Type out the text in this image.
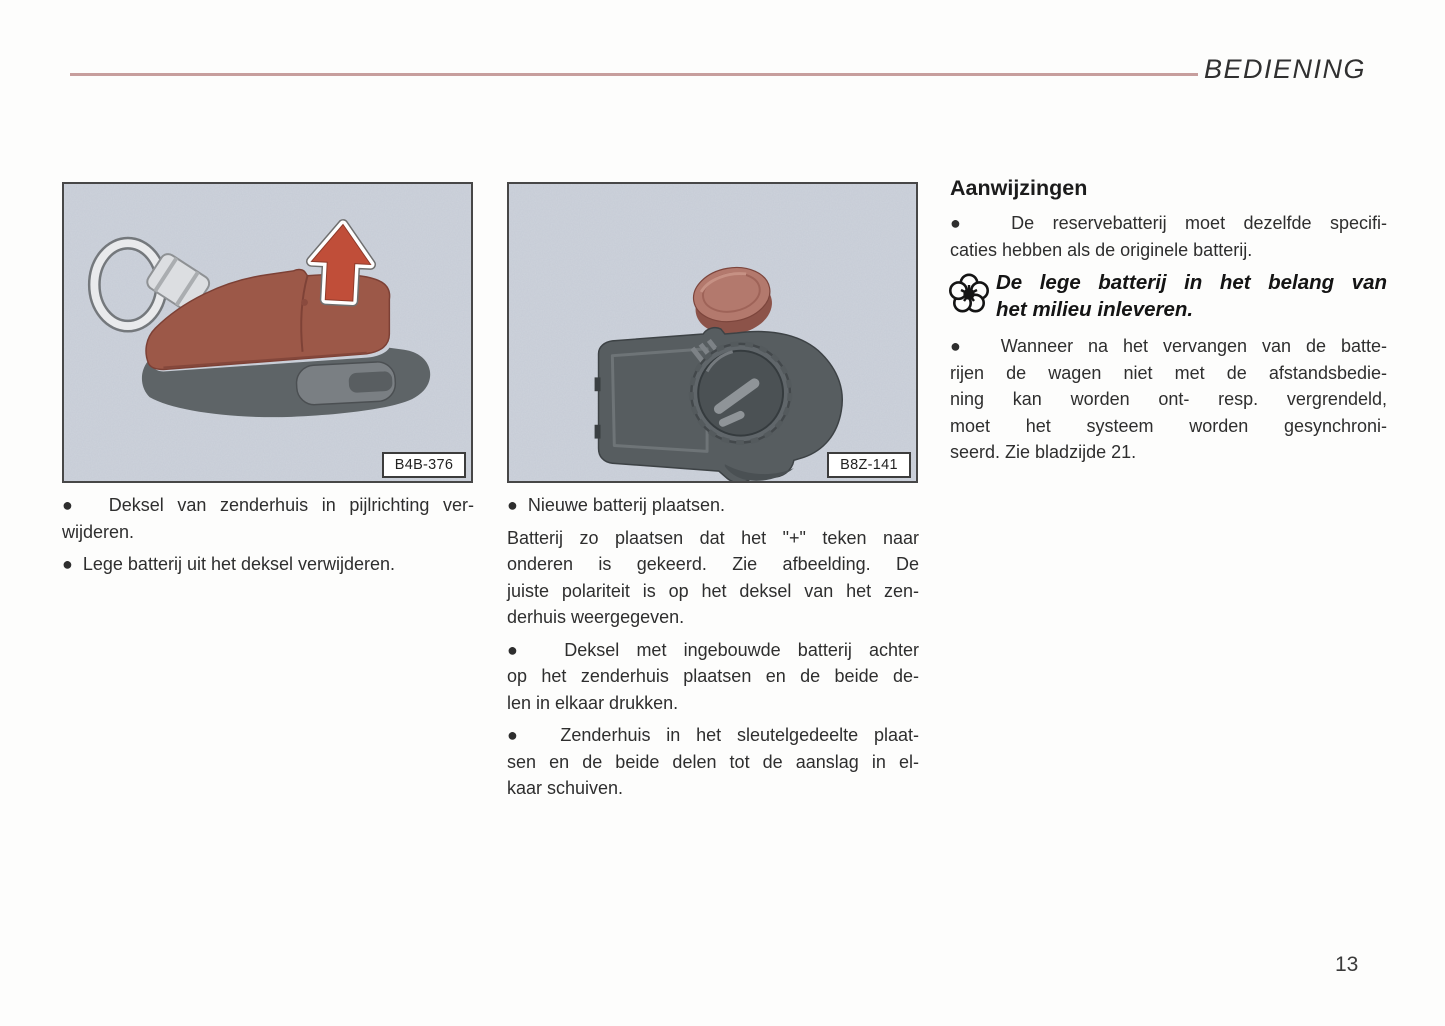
BEDIENING
B4B-376	B8Z-141
●  Deksel van zenderhuis in pijlrichting ver-
wijderen.
●  Lege batterij uit het deksel verwijderen.
●  Nieuwe batterij plaatsen.
Batterij zo plaatsen dat het "+" teken naar
onderen is gekeerd. Zie afbeelding. De
juiste polariteit is op het deksel van het zen-
derhuis weergegeven.
●  Deksel met ingebouwde batterij achter
op het zenderhuis plaatsen en de beide de-
len in elkaar drukken.
●  Zenderhuis in het sleutelgedeelte plaat-
sen en de beide delen tot de aanslag in el-
kaar schuiven.
Aanwijzingen
●  De reservebatterij moet dezelfde specifi-
caties hebben als de originele batterij.
De lege batterij in het belang van
het milieu inleveren.
●  Wanneer na het vervangen van de batte-
rijen de wagen niet met de afstandsbedie-
ning kan worden ont- resp. vergrendeld,
moet het systeem worden gesynchroni-
seerd. Zie bladzijde 21.
13
